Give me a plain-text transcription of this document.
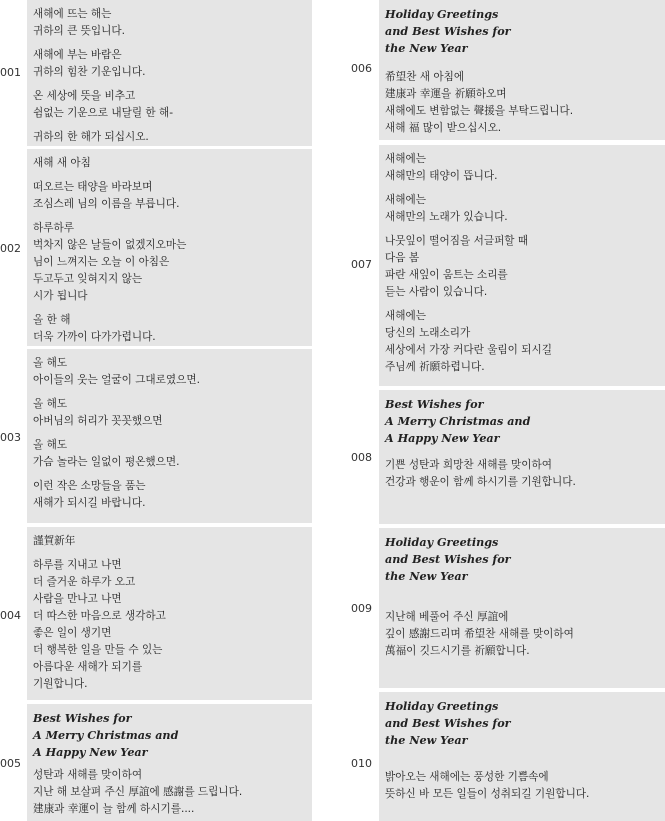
001
새해에 뜨는 해는
귀하의 큰 뜻입니다.
새해에 부는 바람은
귀하의 힘찬 기운입니다.
온 세상에 뜻을 비추고
쉼없는 기운으로 내달릴 한 해-
귀하의 한 해가 되십시오.
002
새해 새 아침
떠오르는 태양을 바라보며
조심스레 님의 이름을 부릅니다.
하루하루
벅차지 않은 날들이 없겠지오마는
님이 느껴지는 오늘 이 아침은
두고두고 잊혀지지 않는
시가 됩니다
올 한 해
더욱 가까이 다가가렵니다.
003
올 해도
아이들의 웃는 얼굴이 그대로였으면.
올 해도
아버님의 허리가 꼿꼿했으면
올 해도
가슴 놀라는 일없이 평온했으면.
이런 작은 소망들을 품는
새해가 되시길 바랍니다.
004
謹賀新年
하루를 지내고 나면
더 즐거운 하루가 오고
사람을 만나고 나면
더 따스한 마음으로 생각하고
좋은 일이 생기면
더 행복한 일을 만들 수 있는
아름다운 새해가 되기를
기원합니다.
005
Best Wishes for
A Merry Christmas and
A Happy New Year
성탄과 새해를 맞이하여
지난 해 보살펴 주신 厚誼에 感謝를 드립니다.
建康과 幸運이 늘 함께 하시기를....
006
Holiday Greetings
and Best Wishes for
the New Year
希望찬 새 아침에
建康과 幸運을 祈願하오며
새해에도 변함없는 聲援을 부탁드립니다.
새해 福 많이 받으십시오.
007
새해에는
새해만의 태양이 뜹니다.
새해에는
새해만의 노래가 있습니다.
나뭇잎이 떨어짐을 서글퍼할 때
다음 봄
파란 새잎이 움트는 소리를
듣는 사람이 있습니다.
새해에는
당신의 노래소리가
세상에서 가장 커다란 울림이 되시길
주님께 祈願하렵니다.
008
Best Wishes for
A Merry Christmas and
A Happy New Year
기쁜 성탄과 희망찬 새해를 맞이하여
건강과 행운이 함께 하시기를 기원합니다.
009
Holiday Greetings
and Best Wishes for
the New Year
지난해 베풀어 주신 厚誼에
깊이 感謝드리며 希望찬 새해를 맞이하여
萬福이 깃드시기를 祈願합니다.
010
Holiday Greetings
and Best Wishes for
the New Year
밝아오는 새해에는 풍성한 기쁨속에
뜻하신 바 모든 일들이 성취되길 기원합니다.
